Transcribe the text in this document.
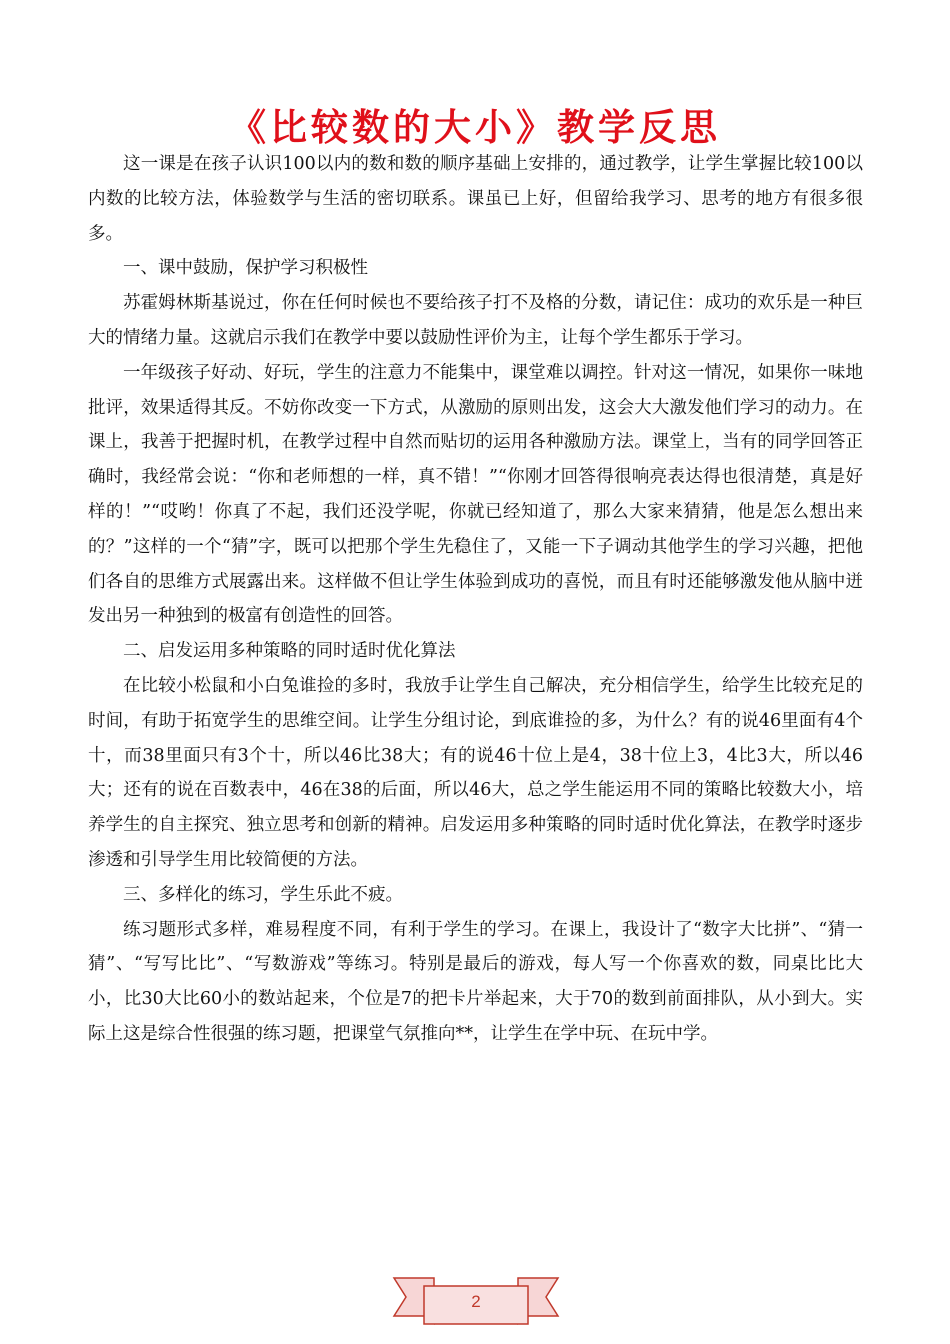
《比较数的大小》教学反思

这一课是在孩子认识100以内的数和数的顺序基础上安排的，通过教学，让学生掌握比较100以内数的比较方法，体验数学与生活的密切联系。课虽已上好，但留给我学习、思考的地方有很多很多。

一、课中鼓励，保护学习积极性

苏霍姆林斯基说过，你在任何时候也不要给孩子打不及格的分数，请记住：成功的欢乐是一种巨大的情绪力量。这就启示我们在教学中要以鼓励性评价为主，让每个学生都乐于学习。

一年级孩子好动、好玩，学生的注意力不能集中，课堂难以调控。针对这一情况，如果你一味地批评，效果适得其反。不妨你改变一下方式，从激励的原则出发，这会大大激发他们学习的动力。在课上，我善于把握时机，在教学过程中自然而贴切的运用各种激励方法。课堂上，当有的同学回答正确时，我经常会说：“你和老师想的一样，真不错！”“你刚才回答得很响亮表达得也很清楚，真是好样的！”“哎哟！你真了不起，我们还没学呢，你就已经知道了，那么大家来猜猜，他是怎么想出来的？”这样的一个“猜”字，既可以把那个学生先稳住了，又能一下子调动其他学生的学习兴趣，把他们各自的思维方式展露出来。这样做不但让学生体验到成功的喜悦，而且有时还能够激发他从脑中迸发出另一种独到的极富有创造性的回答。

二、启发运用多种策略的同时适时优化算法

在比较小松鼠和小白兔谁捡的多时，我放手让学生自己解决，充分相信学生，给学生比较充足的时间，有助于拓宽学生的思维空间。让学生分组讨论，到底谁捡的多，为什么？有的说46里面有4个十，而38里面只有3个十，所以46比38大；有的说46十位上是4，38十位上3，4比3大，所以46大；还有的说在百数表中，46在38的后面，所以46大，总之学生能运用不同的策略比较数大小，培养学生的自主探究、独立思考和创新的精神。启发运用多种策略的同时适时优化算法，在教学时逐步渗透和引导学生用比较简便的方法。

三、多样化的练习，学生乐此不疲。

练习题形式多样，难易程度不同，有利于学生的学习。在课上，我设计了“数字大比拼”、“猜一猜”、“写写比比”、“写数游戏”等练习。特别是最后的游戏，每人写一个你喜欢的数，同桌比比大小，比30大比60小的数站起来，个位是7的把卡片举起来，大于70的数到前面排队，从小到大。实际上这是综合性很强的练习题，把课堂气氛推向**，让学生在学中玩、在玩中学。

2
